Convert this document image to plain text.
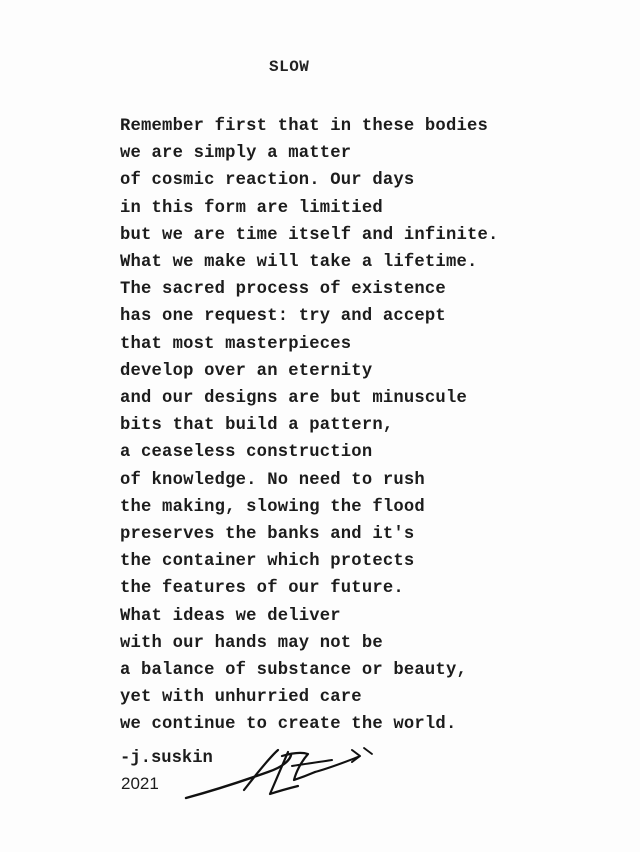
SLOW
Remember first that in these bodies
we are simply a matter
of cosmic reaction. Our days
in this form are limitied
but we are time itself and infinite.
What we make will take a lifetime.
The sacred process of existence
has one request: try and accept
that most masterpieces
develop over an eternity
and our designs are but minuscule
bits that build a pattern,
a ceaseless construction
of knowledge. No need to rush
the making, slowing the flood
preserves the banks and it's
the container which protects
the features of our future.
What ideas we deliver
with our hands may not be
a balance of substance or beauty,
yet with unhurried care
we continue to create the world.
-j.suskin
2021
